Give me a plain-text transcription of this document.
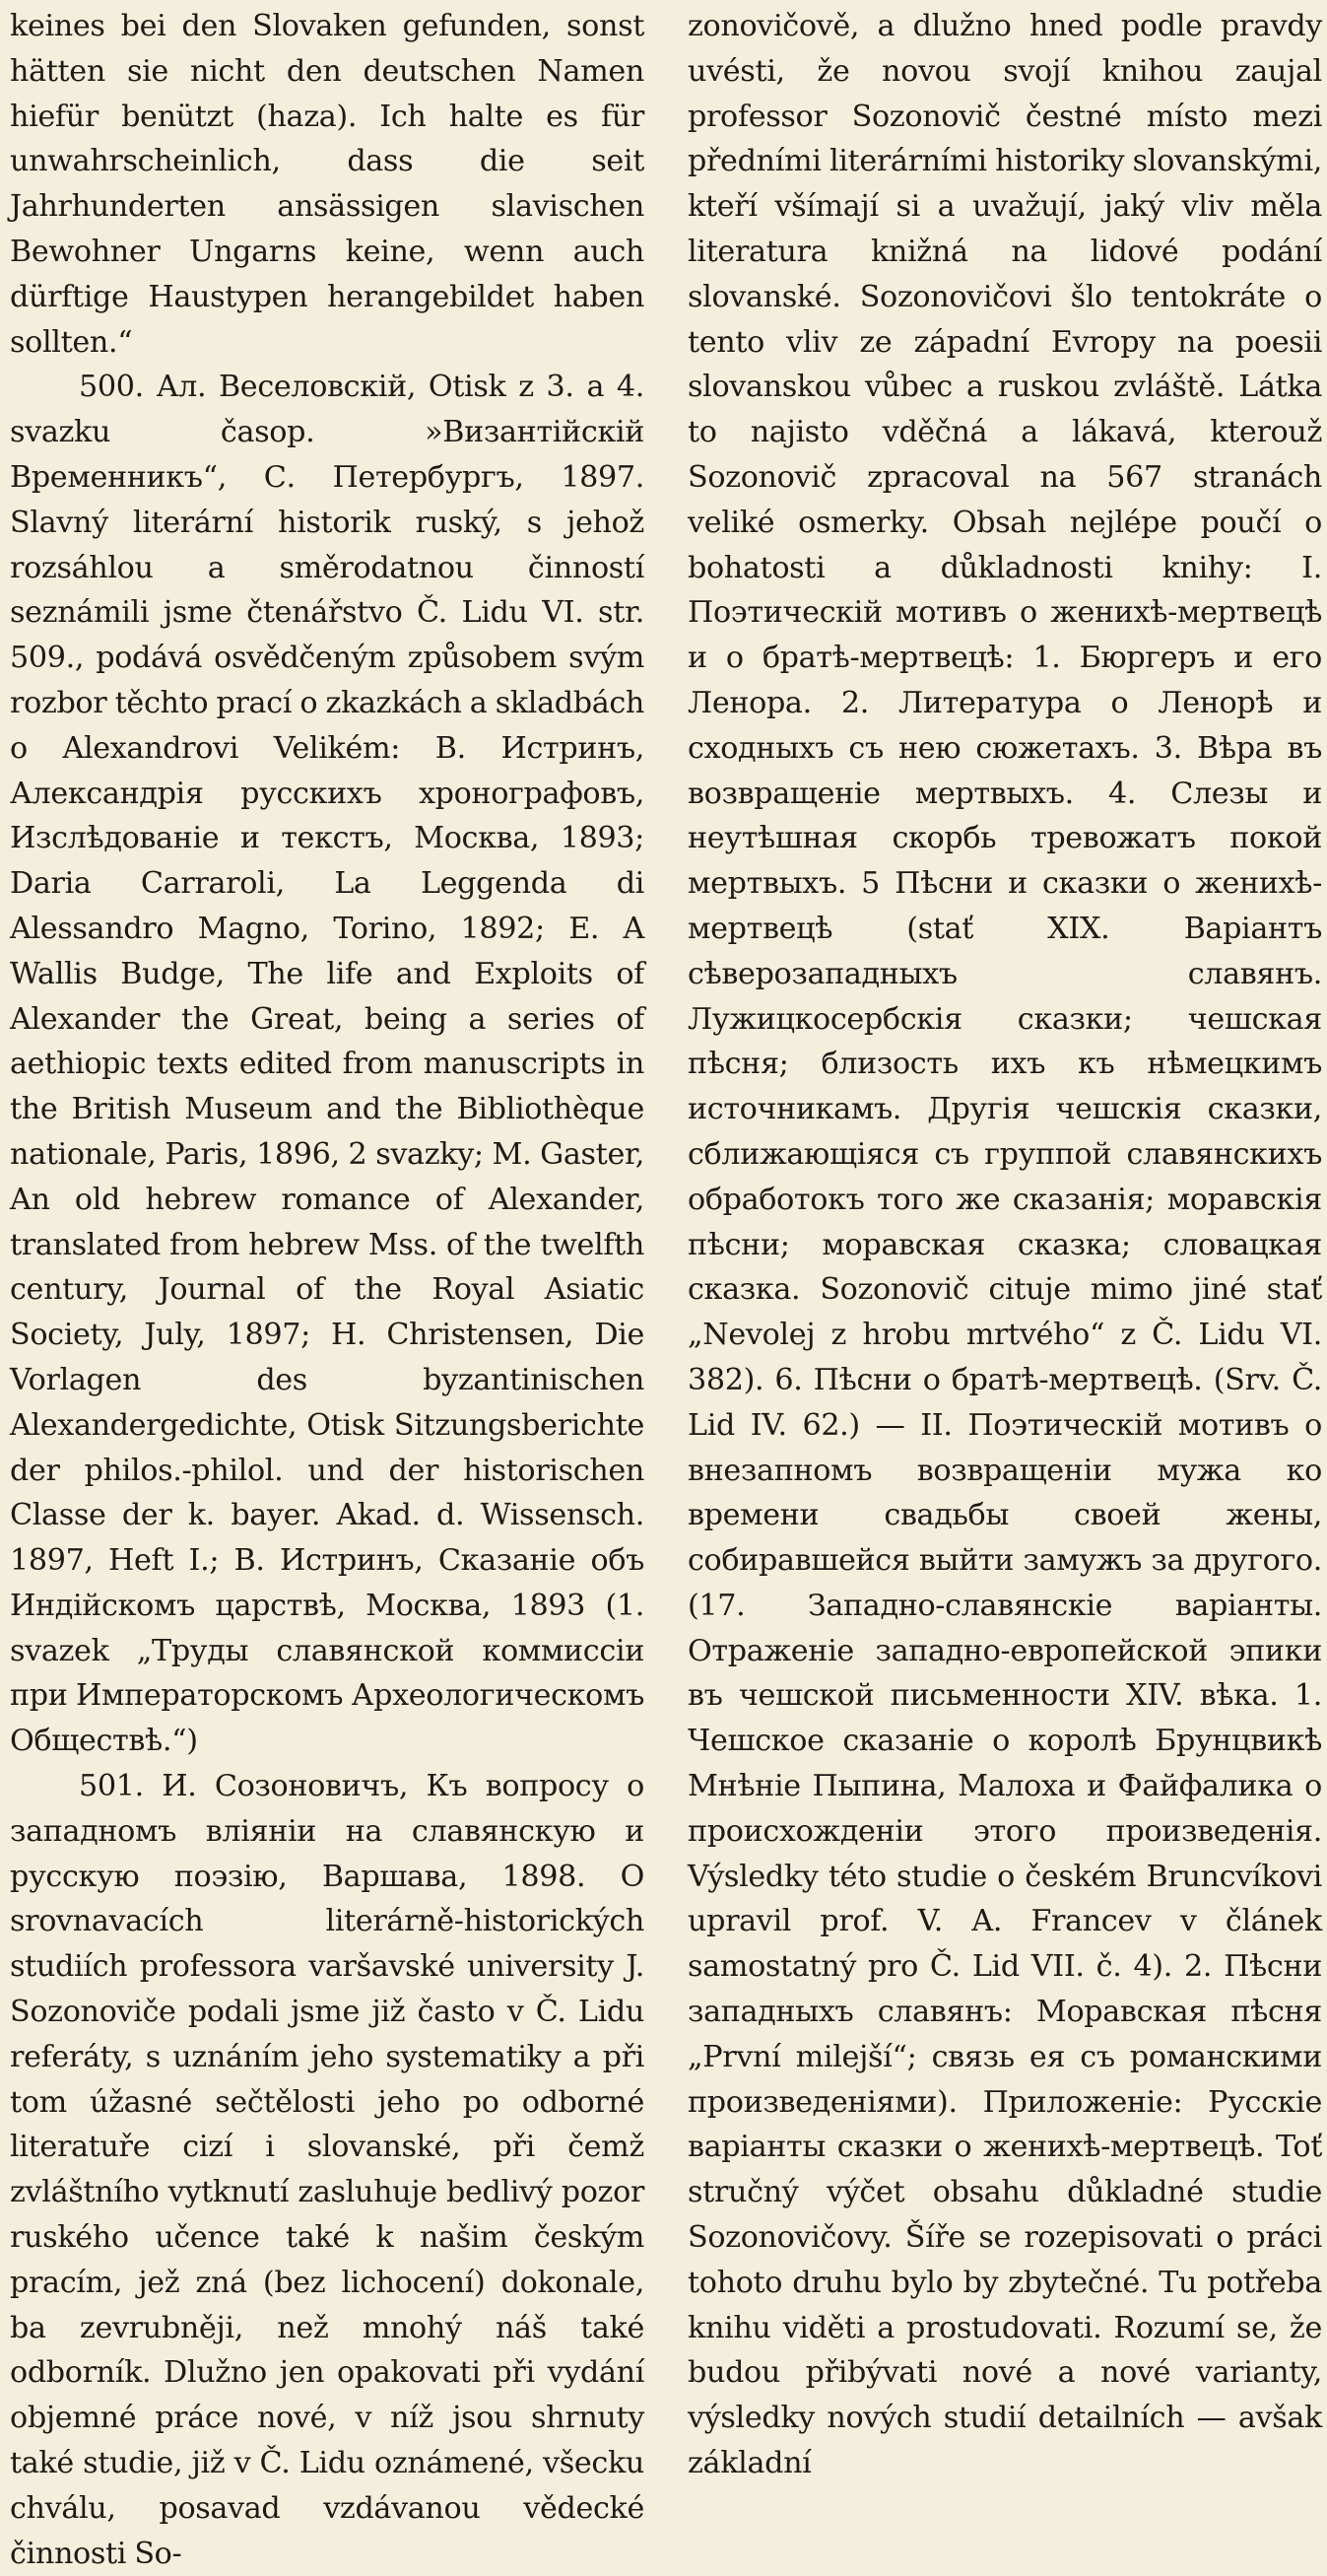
keines bei den Slovaken gefunden, sonst hätten sie nicht den deutschen Namen hiefür benützt (haza). Ich halte es für unwahrscheinlich, dass die seit Jahrhunderten ansässigen slavischen Bewohner Ungarns keine, wenn auch dürftige Haustypen herangebildet haben sollten.“

500. Ал. Веселовскій, Otisk z 3. a 4. svazku časop. »Византійскій Временникъ“, С. Петербургъ, 1897. Slavný literární historik ruský, s jehož rozsáhlou a směrodatnou činností seznámili jsme čtenářstvo Č. Lidu VI. str. 509., podává osvědčeným způsobem svým rozbor těchto prací o zkazkách a skladbách o Alexandrovi Velikém: В. Истринъ, Александрія русскихъ хронографовъ, Изслѣдованіе и текстъ, Москва, 1893; Daria Carraroli, La Leggenda di Alessandro Magno, Torino, 1892; E. A Wallis Budge, The life and Exploits of Alexander the Great, being a series of aethiopic texts edited from manuscripts in the British Museum and the Bibliothèque nationale, Paris, 1896, 2 svazky; M. Gaster, An old hebrew romance of Alexander, translated from hebrew Mss. of the twelfth century, Journal of the Royal Asiatic Society, July, 1897; H. Christensen, Die Vorlagen des byzantinischen Alexandergedichte, Otisk Sitzungsberichte der philos.-philol. und der historischen Classe der k. bayer. Akad. d. Wissensch. 1897, Heft I.; В. Истринъ, Сказаніе объ Индійскомъ царствѣ, Москва, 1893 (1. svazek „Труды славянской коммиссіи при Императорскомъ Археологическомъ Обществѣ.“)

501. И. Созоновичъ, Къ вопросу о западномъ вліяніи на славянскую и русскую поэзію, Варшава, 1898. O srovnavacích literárně-historických studiích professora varšavské university J. Sozonoviče podali jsme již často v Č. Lidu referáty, s uznáním jeho systematiky a při tom úžasné sečtělosti jeho po odborné literatuře cizí i slovanské, při čemž zvláštního vytknutí zasluhuje bedlivý pozor ruského učence také k našim českým pracím, jež zná (bez lichocení) dokonale, ba zevrubněji, než mnohý náš také odborník. Dlužno jen opakovati při vydání objemné práce nové, v níž jsou shrnuty také studie, již v Č. Lidu oznámené, všecku chválu, posavad vzdávanou vědecké činnosti So-

zonovičově, a dlužno hned podle pravdy uvésti, že novou svojí knihou zaujal professor Sozonovič čestné místo mezi předními literárními historiky slovanskými, kteří všímají si a uvažují, jaký vliv měla literatura knižná na lidové podání slovanské. Sozonovičovi šlo tentokráte o tento vliv ze západní Evropy na poesii slovanskou vůbec a ruskou zvláště. Látka to najisto vděčná a lákavá, kterouž Sozonovič zpracoval na 567 stranách veliké osmerky. Obsah nejlépe poučí o bohatosti a důkladnosti knihy: I. Поэтическій мотивъ о женихѣ-мертвецѣ и о братѣ-мертвецѣ: 1. Бюргеръ и его Ленора. 2. Литература о Ленорѣ и сходныхъ съ нею сюжетахъ. 3. Вѣра въ возвращеніе мертвыхъ. 4. Слезы и неутѣшная скорбь тревожатъ покой мертвыхъ. 5 Пѣсни и сказки о женихѣ-мертвецѣ (stať XIX. Варіантъ сѣверозападныхъ славянъ. Лужицкосербскія сказки; чешская пѣсня; близость ихъ къ нѣмецкимъ источникамъ. Другія чешскія сказки, сближающіяся съ группой славянскихъ обработокъ того же сказанія; моравскія пѣсни; моравская сказка; словацкая сказка. Sozonovič cituje mimo jiné stať „Nevolej z hrobu mrtvého“ z Č. Lidu VI. 382). 6. Пѣсни о братѣ-мертвецѣ. (Srv. Č. Lid IV. 62.) — II. Поэтическій мотивъ о внезапномъ возвращеніи мужа ко времени свадьбы своей жены, собиравшейся выйти замужъ за другого. (17. Западно-славянскіе варіанты. Отраженіе западно-европейской эпики въ чешской письменности XIV. вѣка. 1. Чешское сказаніе о королѣ Брунцвикѣ Мнѣніе Пыпина, Малоха и Файфалика о происхожденіи этого произведенія. Výsledky této studie o českém Bruncvíkovi upravil prof. V. A. Francev v článek samostatný pro Č. Lid VII. č. 4). 2. Пѣсни западныхъ славянъ: Моравская пѣсня „První milejší“; связь ея съ романскими произведеніями). Приложеніе: Русскіе варіанты сказки о женихѣ-мертвецѣ. Toť stručný výčet obsahu důkladné studie Sozonovičovy. Šíře se rozepisovati o práci tohoto druhu bylo by zbytečné. Tu potřeba knihu viděti a prostudovati. Rozumí se, že budou přibývati nové a nové varianty, výsledky nových studií detailních — avšak základní
